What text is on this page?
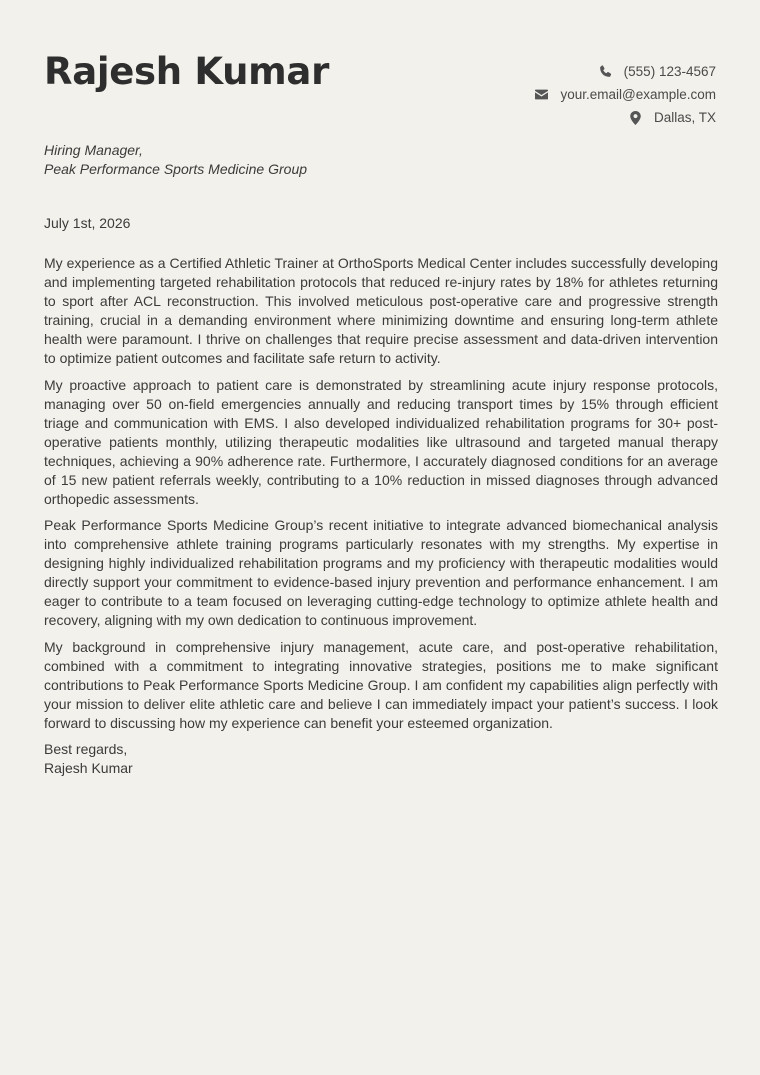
Rajesh Kumar	(555) 123-4567
your.email@example.com
Dallas, TX
Hiring Manager,
Peak Performance Sports Medicine Group
July 1st, 2026

My experience as a Certified Athletic Trainer at OrthoSports Medical Center includes successfully developing and implementing targeted rehabilitation protocols that reduced re-injury rates by 18% for athletes returning to sport after ACL reconstruction. This involved meticulous post-operative care and progressive strength training, crucial in a demanding environment where minimizing downtime and ensuring long-term athlete health were paramount. I thrive on challenges that require precise assessment and data-driven intervention to optimize patient outcomes and facilitate safe return to activity.

My proactive approach to patient care is demonstrated by streamlining acute injury response protocols, managing over 50 on-field emergencies annually and reducing transport times by 15% through efficient triage and communication with EMS. I also developed individualized rehabilitation programs for 30+ post-operative patients monthly, utilizing therapeutic modalities like ultrasound and targeted manual therapy techniques, achieving a 90% adherence rate. Furthermore, I accurately diagnosed conditions for an average of 15 new patient referrals weekly, contributing to a 10% reduction in missed diagnoses through advanced orthopedic assessments.

Peak Performance Sports Medicine Group’s recent initiative to integrate advanced biomechanical analysis into comprehensive athlete training programs particularly resonates with my strengths. My expertise in designing highly individualized rehabilitation programs and my proficiency with therapeutic modalities would directly support your commitment to evidence-based injury prevention and performance enhancement. I am eager to contribute to a team focused on leveraging cutting-edge technology to optimize athlete health and recovery, aligning with my own dedication to continuous improvement.

My background in comprehensive injury management, acute care, and post-operative rehabilitation, combined with a commitment to integrating innovative strategies, positions me to make significant contributions to Peak Performance Sports Medicine Group. I am confident my capabilities align perfectly with your mission to deliver elite athletic care and believe I can immediately impact your patient’s success. I look forward to discussing how my experience can benefit your esteemed organization.

Best regards,
Rajesh Kumar
